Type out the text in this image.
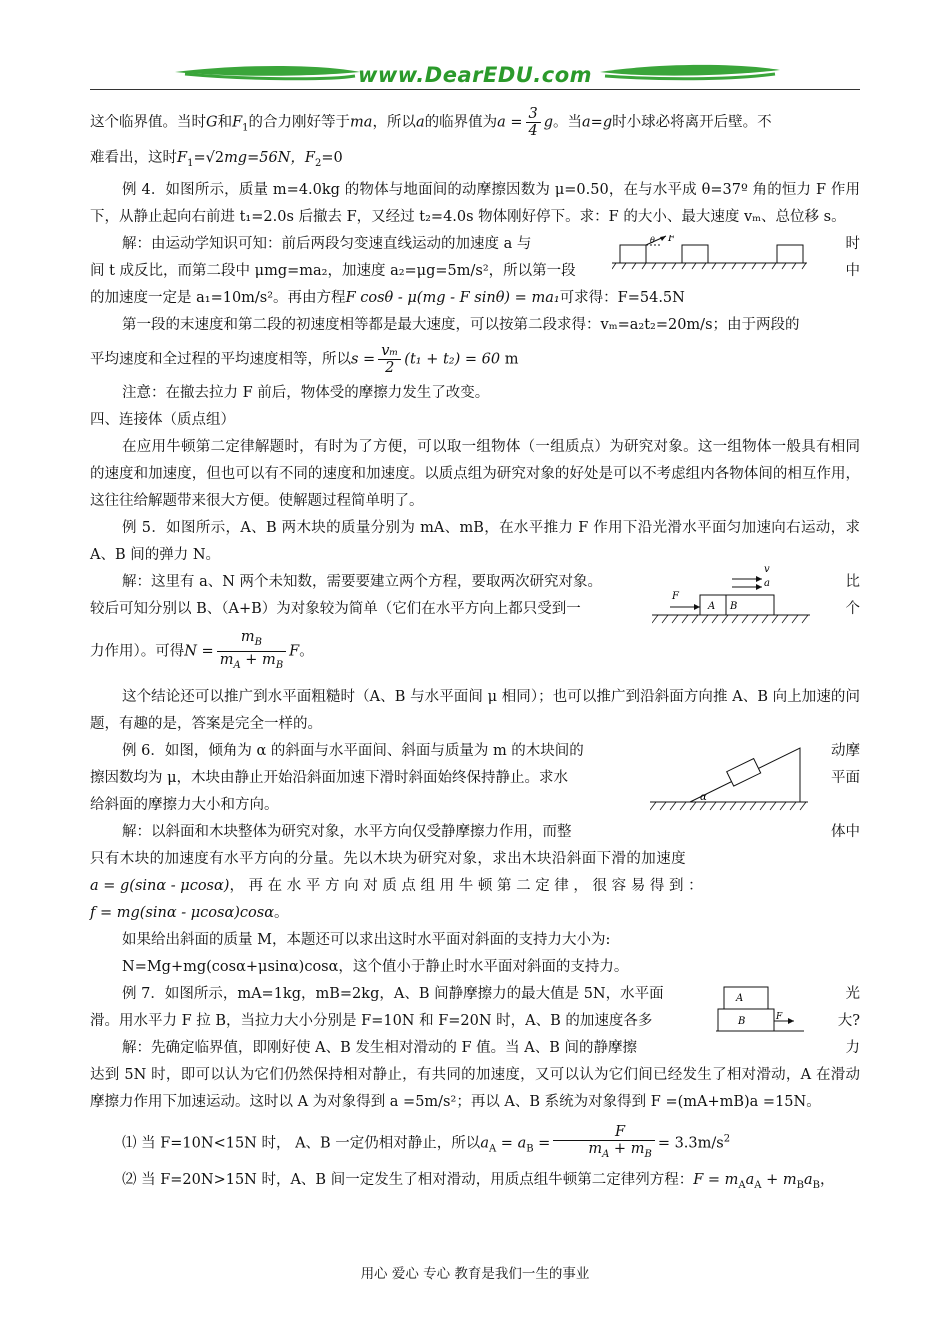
www.DearEDU.com

这个临界值。当时G和$F_1$的合力刚好等于ma，所以a的临界值为$a = \frac{3}{4}$ g。当a=g时小球必将离开后壁。不

难看出，这时$F_1=√2mg=56N$，$F_2=0$

例 4．如图所示，质量 m=4.0kg 的物体与地面间的动摩擦因数为 μ=0.50，在与水平成 θ=37º 角的恒力 F 作用下，从静止起向右前进 t₁=2.0s 后撤去 F，又经过 t₂=4.0s 物体刚好停下。求：F 的大小、最大速度 vₘ、总位移 s。

θ F

解：由运动学知识可知：前后两段匀变速直线运动的加速度 a 与	时

间 t 成反比，而第二段中 μmg=ma₂，加速度 a₂=μg=5m/s²，所以第一段	中

的加速度一定是 a₁=10m/s²。再由方程F cosθ - μ(mg - F sinθ) = ma₁可求得：F=54.5N

第一段的末速度和第二段的初速度相等都是最大速度，可以按第二段求得：vₘ=a₂t₂=20m/s；由于两段的

平均速度和全过程的平均速度相等，所以$s = \frac{\text{vₘ}}{2} (t_1 + t_2) = 60$ m

注意：在撤去拉力 F 前后，物体受的摩擦力发生了改变。

四、连接体（质点组）

在应用牛顿第二定律解题时，有时为了方便，可以取一组物体（一组质点）为研究对象。这一组物体一般具有相同的速度和加速度，但也可以有不同的速度和加速度。以质点组为研究对象的好处是可以不考虑组内各物体间的相互作用，这往往给解题带来很大方便。使解题过程简单明了。

例 5．如图所示，A、B 两木块的质量分别为 mA、mB，在水平推力 F 作用下沿光滑水平面匀加速向右运动，求 A、B 间的弹力 N。

v
a
F
A B

解：这里有 a、N 两个未知数，需要要建立两个方程，要取两次研究对象。	比

较后可知分别以 B、（A+B）为对象较为简单（它们在水平方向上都只受到一	个

力作用）。可得$N = \frac{m_B}{m_A + m_B}$ F。

这个结论还可以推广到水平面粗糙时（A、B 与水平面间 μ 相同）；也可以推广到沿斜面方向推 A、B 向上加速的问题，有趣的是，答案是完全一样的。

α

例 6．如图，倾角为 α 的斜面与水平面间、斜面与质量为 m 的木块间的	动摩

擦因数均为 μ，木块由静止开始沿斜面加速下滑时斜面始终保持静止。求水	平面

给斜面的摩擦力大小和方向。

解：以斜面和木块整体为研究对象，水平方向仅受静摩擦力作用，而整	体中

只有木块的加速度有水平方向的分量。先以木块为研究对象，求出木块沿斜面下滑的加速度

a = g(sinα - μcosα)， 再 在 水 平 方 向 对 质 点 组 用 牛 顿 第 二 定 律 ， 很 容 易 得 到 ：

f = mg(sinα - μcosα)cosα。

如果给出斜面的质量 M，本题还可以求出这时水平面对斜面的支持力大小为:

N=Mg+mg(cosα+μsinα)cosα，这个值小于静止时水平面对斜面的支持力。

A
B	F

例 7．如图所示，mA=1kg，mB=2kg，A、B 间静摩擦力的最大值是 5N，水平面	光

滑。用水平力 F 拉 B，当拉力大小分别是 F=10N 和 F=20N 时，A、B 的加速度各多	大?

解：先确定临界值，即刚好使 A、B 发生相对滑动的 F 值。当 A、B 间的静摩擦	力

达到 5N 时，即可以认为它们仍然保持相对静止，有共同的加速度，又可以认为它们间已经发生了相对滑动，A 在滑动摩擦力作用下加速运动。这时以 A 为对象得到 a =5m/s²；再以 A、B 系统为对象得到 F =(mA+mB)a =15N。

⑴ 当 F=10N<15N 时， A、B 一定仍相对静止，所以$a_A = a_B = \frac{F}{m_A + m_B} = 3.3m/s^2$

⑵ 当 F=20N>15N 时，A、B 间一定发生了相对滑动，用质点组牛顿第二定律列方程：$F = m_Aa_A + m_Ba_B$，

用心 爱心 专心 教育是我们一生的事业
